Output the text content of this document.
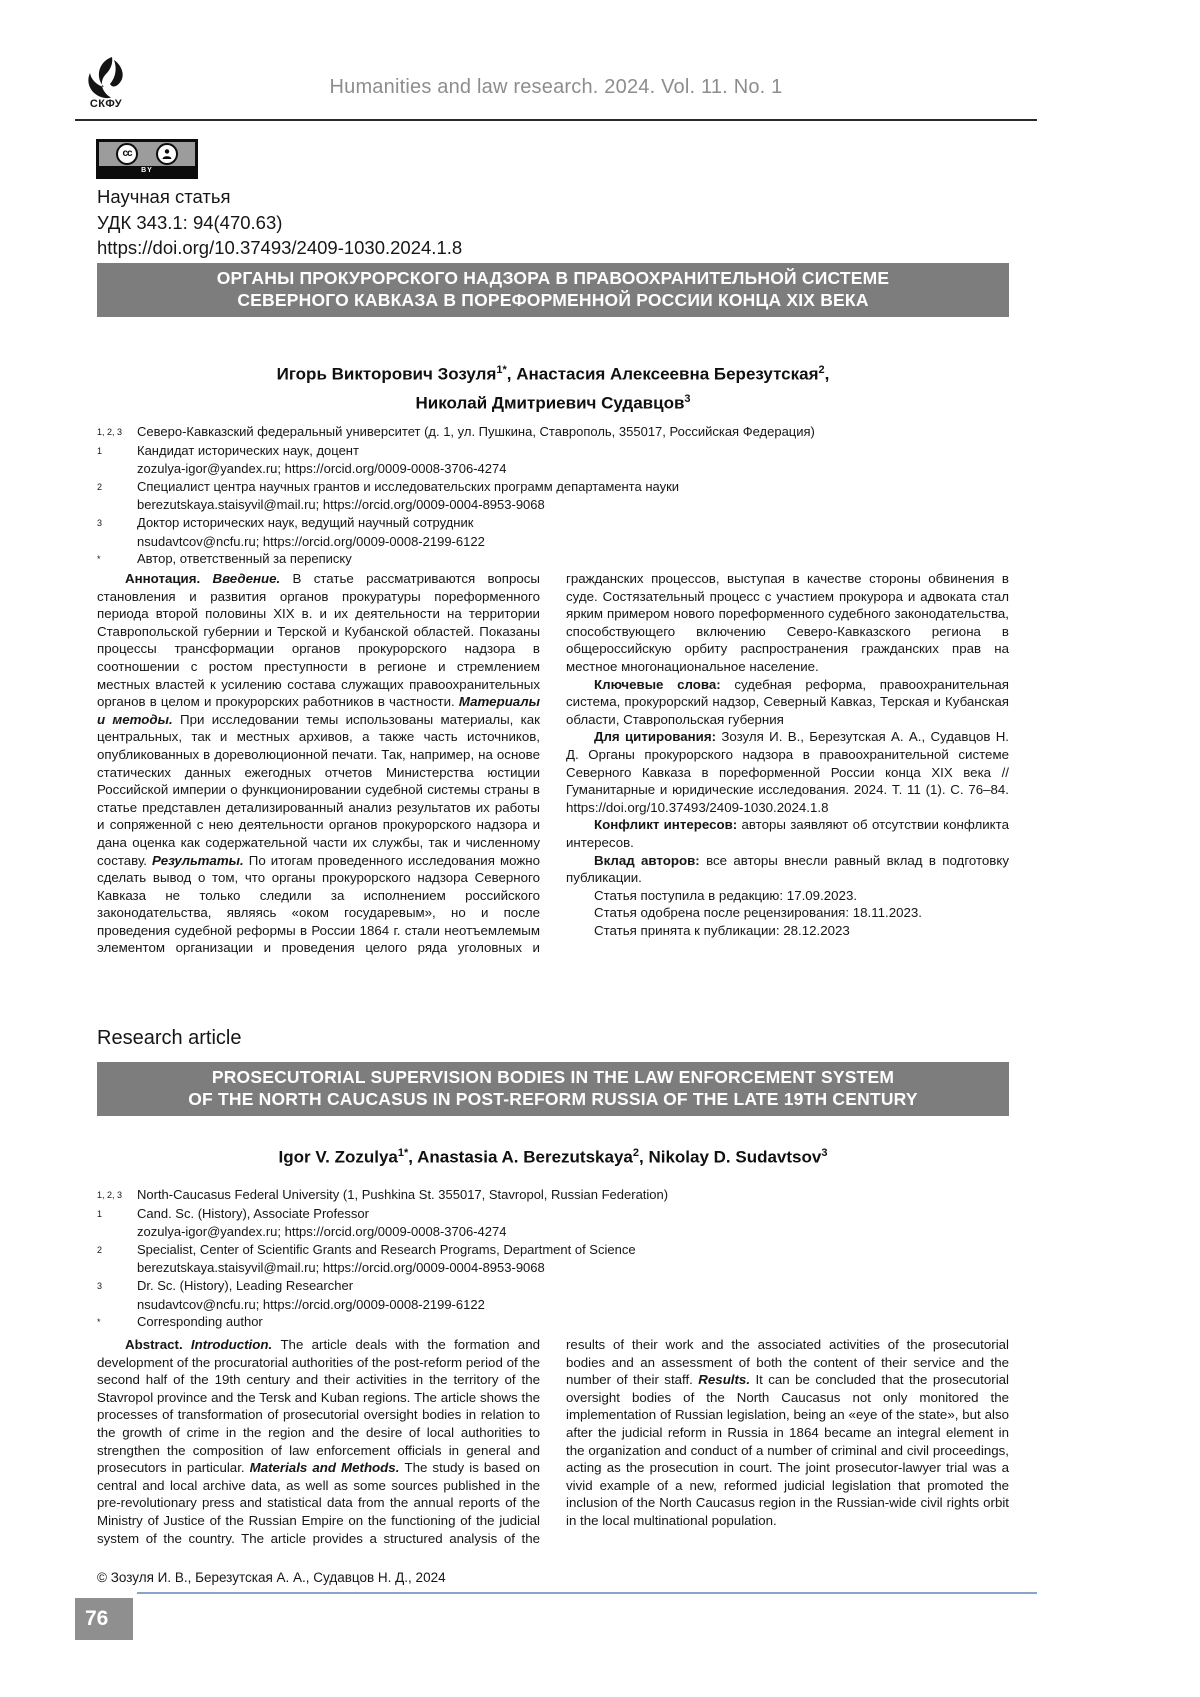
СКФУ
Humanities and law research. 2024. Vol. 11. No. 1
cc
BY
Научная статья
УДК 343.1: 94(470.63)
https://doi.org/10.37493/2409-1030.2024.1.8
ОРГАНЫ ПРОКУРОРСКОГО НАДЗОРА В ПРАВООХРАНИТЕЛЬНОЙ СИСТЕМЕ
СЕВЕРНОГО КАВКАЗА В ПОРЕФОРМЕННОЙ РОССИИ КОНЦА XIX ВЕКА
Игорь Викторович Зозуля$^{1*}$, Анастасия Алексеевна Березутская$^2$,
Николай Дмитриевич Судавцов$^3$
1, 2, 3	Северо-Кавказский федеральный университет (д. 1, ул. Пушкина, Ставрополь, 355017, Российская Федерация)
1	Кандидат исторических наук, доцент
zozulya-igor@yandex.ru; https://orcid.org/0009-0008-3706-4274
2	Специалист центра научных грантов и исследовательских программ департамента науки
berezutskaya.staisyvil@mail.ru; https://orcid.org/0009-0004-8953-9068
3	Доктор исторических наук, ведущий научный сотрудник
nsudavtcov@ncfu.ru; https://orcid.org/0009-0008-2199-6122
*	Автор, ответственный за переписку

Аннотация. Введение. В статье рассматриваются вопросы становления и развития органов прокуратуры пореформенного периода второй половины XIX в. и их деятельности на территории Ставропольской губернии и Терской и Кубанской областей. Показаны процессы трансформации органов прокурорского надзора в соотношении с ростом преступности в регионе и стремлением местных властей к усилению состава служащих правоохранительных органов в целом и прокурорских работников в частности. Материалы и методы. При исследовании темы использованы материалы, как центральных, так и местных архивов, а также часть источников, опубликованных в дореволюционной печати. Так, например, на основе статических данных ежегодных отчетов Министерства юстиции Российской империи о функционировании судебной системы страны в статье представлен детализированный анализ результатов их работы и сопряженной с нею деятельности органов прокурорского надзора и дана оценка как содержательной части их службы, так и численному составу. Результаты. По итогам проведенного исследования можно сделать вывод о том, что органы прокурорского надзора Северного Кавказа не только следили за исполнением российского законодательства, являясь «оком государевым», но и после проведения судебной реформы в России 1864 г. стали неотъемлемым элементом организации и проведения целого ряда уголовных и гражданских процессов, выступая в качестве стороны обвинения в суде. Состязательный процесс с участием прокурора и адвоката стал ярким примером нового пореформенного судебного законодательства, способствующего включению Северо-Кавказского региона в общероссийскую орбиту распространения гражданских прав на местное многонациональное население.

Ключевые слова: судебная реформа, правоохранительная система, прокурорский надзор, Северный Кавказ, Терская и Кубанская области, Ставропольская губерния

Для цитирования: Зозуля И. В., Березутская А. А., Судавцов Н. Д. Органы прокурорского надзора в правоохранительной системе Северного Кавказа в пореформенной России конца XIX века // Гуманитарные и юридические исследования. 2024. Т. 11 (1). С. 76–84. https://doi.org/10.37493/2409-1030.2024.1.8

Конфликт интересов: авторы заявляют об отсутствии конфликта интересов.

Вклад авторов: все авторы внесли равный вклад в подготовку публикации.

Статья поступила в редакцию: 17.09.2023.

Статья одобрена после рецензирования: 18.11.2023.

Статья принята к публикации: 28.12.2023

Research article
PROSECUTORIAL SUPERVISION BODIES IN THE LAW ENFORCEMENT SYSTEM
OF THE NORTH CAUCASUS IN POST-REFORM RUSSIA OF THE LATE 19TH CENTURY
Igor V. Zozulya$^{1*}$, Anastasia A. Berezutskaya$^2$, Nikolay D. Sudavtsov$^3$
1, 2, 3	North-Caucasus Federal University (1, Pushkina St. 355017, Stavropol, Russian Federation)
1	Cand. Sc. (History), Associate Professor
zozulya-igor@yandex.ru; https://orcid.org/0009-0008-3706-4274
2	Specialist, Center of Scientific Grants and Research Programs, Department of Science
berezutskaya.staisyvil@mail.ru; https://orcid.org/0009-0004-8953-9068
3	Dr. Sc. (History), Leading Researcher
nsudavtcov@ncfu.ru; https://orcid.org/0009-0008-2199-6122
*	Corresponding author

Abstract. Introduction. The article deals with the formation and development of the procuratorial authorities of the post-reform period of the second half of the 19th century and their activities in the territory of the Stavropol province and the Tersk and Kuban regions. The article shows the processes of transformation of prosecutorial oversight bodies in relation to the growth of crime in the region and the desire of local authorities to strengthen the composition of law enforcement officials in general and prosecutors in particular. Materials and Methods. The study is based on central and local archive data, as well as some sources published in the pre-revolutionary press and statistical data from the annual reports of the Ministry of Justice of the Russian Empire on the functioning of the judicial system of the country. The article provides a structured analysis of the results of their work and the associated activities of the prosecutorial bodies and an assessment of both the content of their service and the number of their staff. Results. It can be concluded that the prosecutorial oversight bodies of the North Caucasus not only monitored the implementation of Russian legislation, being an «eye of the state», but also after the judicial reform in Russia in 1864 became an integral element in the organization and conduct of a number of criminal and civil proceedings, acting as the prosecution in court. The joint prosecutor-lawyer trial was a vivid example of a new, reformed judicial legislation that promoted the inclusion of the North Caucasus region in the Russian-wide civil rights orbit in the local multinational population.

© Зозуля И. В., Березутская А. А., Судавцов Н. Д., 2024
76
